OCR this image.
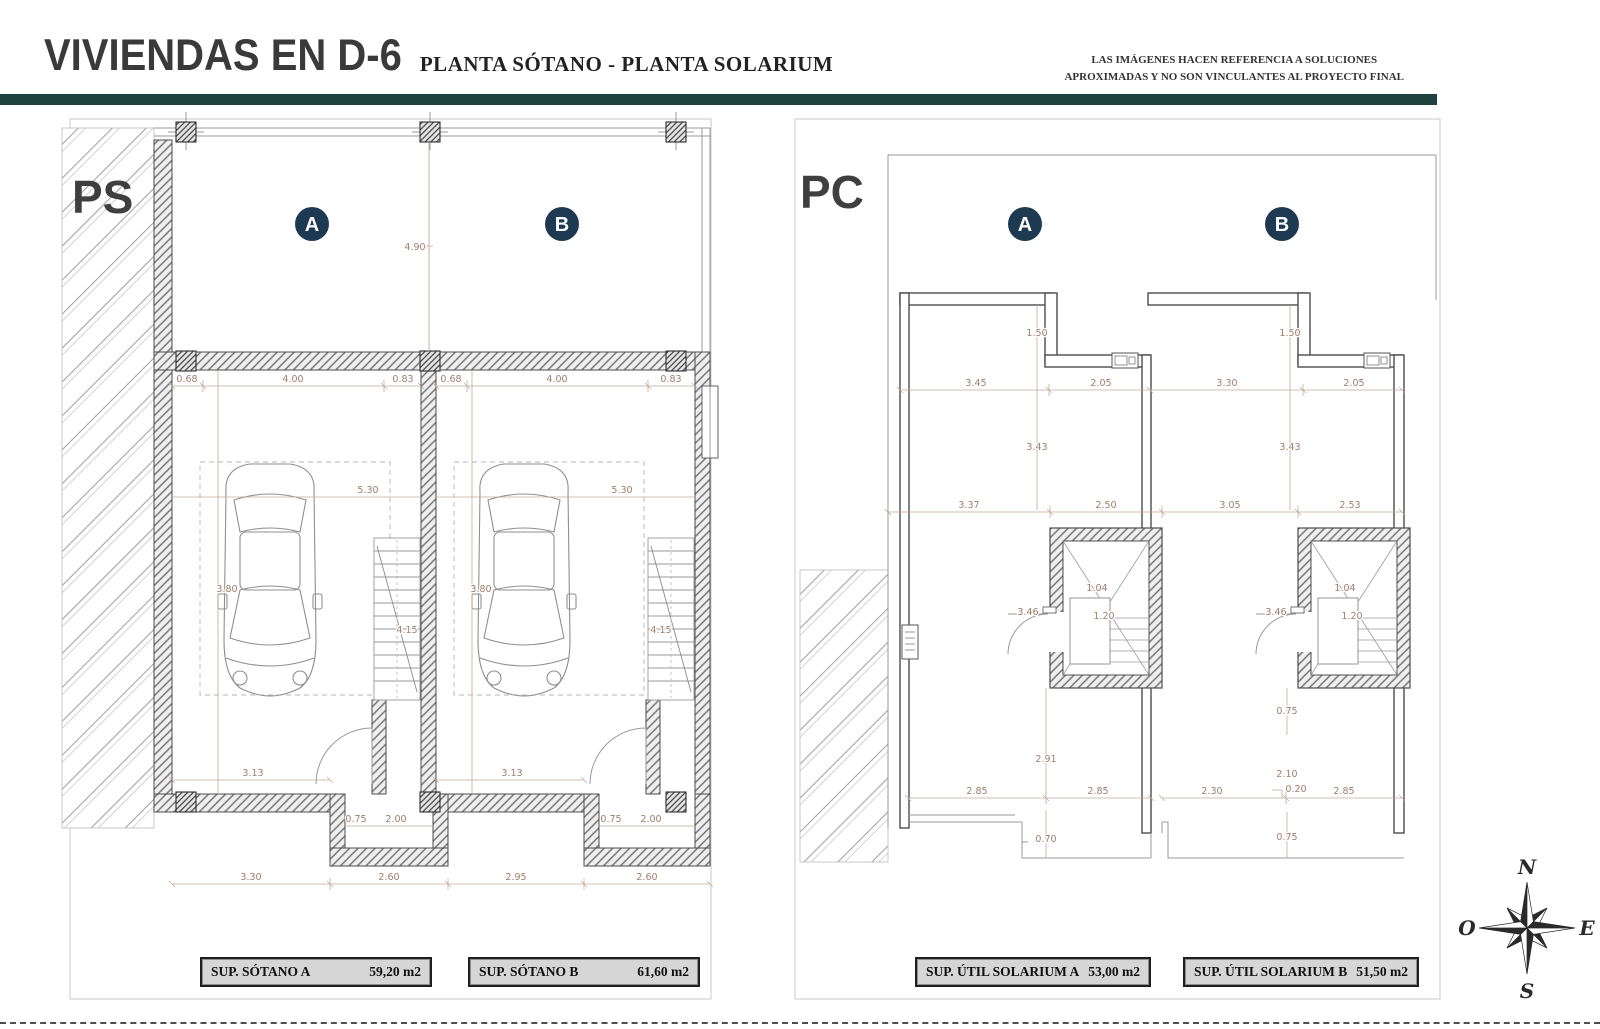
VIVIENDAS EN D-6 PLANTA SÓTANO - PLANTA SOLARIUM	LAS IMÁGENES HACEN REFERENCIA A SOLUCIONES
APROXIMADAS Y NO SON VINCULANTES AL PROYECTO FINAL
PS
A	B
4.90
0.68	4.00	0.83	0.68	4.00	0.83
5.30	5.30
3.80	3.80
4.15	4.15
3.13	3.13
0.75 2.00	0.75 2.00
3.30	2.60	2.95	2.60
PC
A	B
1.50	1.50
3.45	2.05	3.30	2.05
3.43	3.43
3.37	2.50	3.05	2.53
1.04
1.20
3.46
1.04
1.20
3.46
2.91
2.85	2.85
0.70
0.75
2.10
0.20
2.30	2.85
0.75
N
S
E
O
SUP. SÓTANO A	59,20 m2	SUP. SÓTANO B	61,60 m2	SUP. ÚTIL SOLARIUM A 53,00 m2	SUP. ÚTIL SOLARIUM B 51,50 m2
